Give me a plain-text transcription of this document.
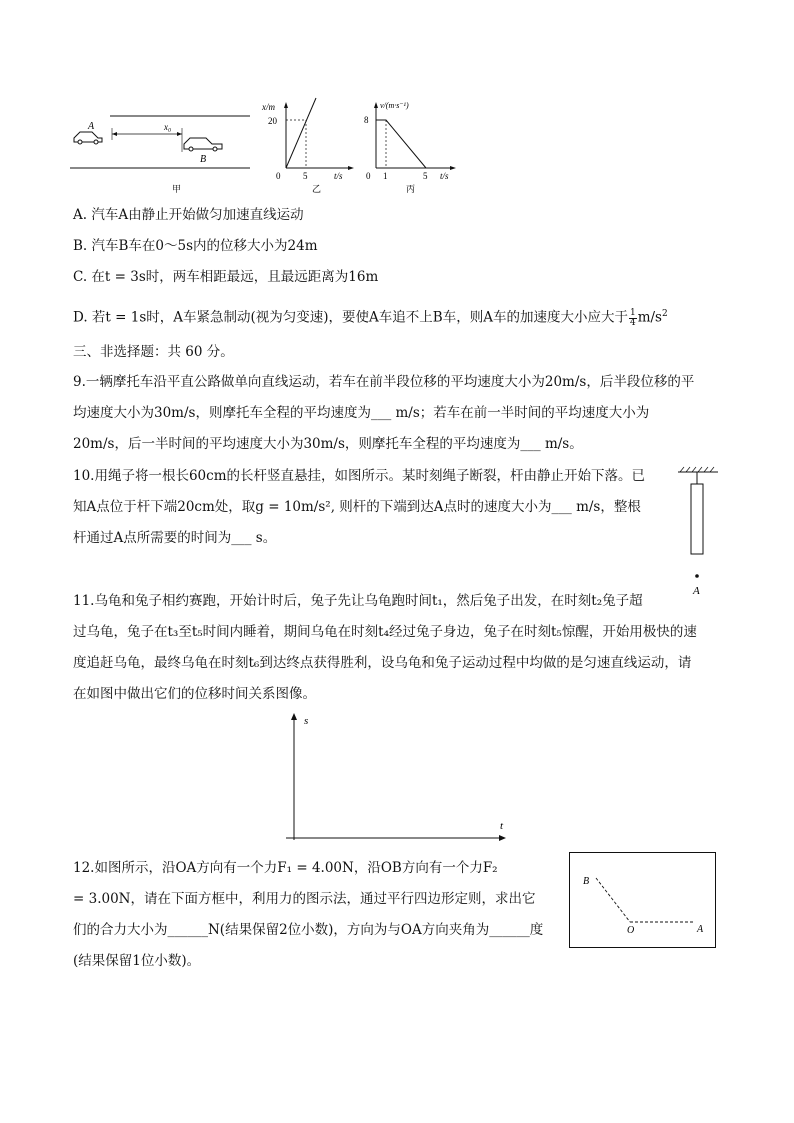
A	x₀
B
甲
x/m
20
0	5	t/s
乙
v/(m·s⁻¹)
8
0 1	5 t/s
丙
A. 汽车A由静止开始做匀加速直线运动
B. 汽车B车在0～5s内的位移大小为24m
C. 在t = 3s时，两车相距最远，且最远距离为16m
D. 若t = 1s时，A车紧急制动(视为匀变速)，要使A车追不上B车，则A车的加速度大小应大于 $\frac{1}{4} m/s^2$
三、非选择题：共 60 分。
9.一辆摩托车沿平直公路做单向直线运动，若车在前半段位移的平均速度大小为20m/s，后半段位移的平
均速度大小为30m/s，则摩托车全程的平均速度为___ m/s；若车在前一半时间的平均速度大小为
20m/s，后一半时间的平均速度大小为30m/s，则摩托车全程的平均速度为___ m/s。
10.用绳子将一根长60cm的长杆竖直悬挂，如图所示。某时刻绳子断裂，杆由静止开始下落。已
知A点位于杆下端20cm处，取g = 10m/s², 则杆的下端到达A点时的速度大小为___ m/s，整根
杆通过A点所需要的时间为___ s。
A
11.乌龟和兔子相约赛跑，开始计时后，兔子先让乌龟跑时间t₁，然后兔子出发，在时刻t₂兔子超
过乌龟，兔子在t₃至t₅时间内睡着，期间乌龟在时刻t₄经过兔子身边，兔子在时刻t₅惊醒，开始用极快的速
度追赶乌龟，最终乌龟在时刻t₆到达终点获得胜利，设乌龟和兔子运动过程中均做的是匀速直线运动，请
在如图中做出它们的位移时间关系图像。
s
t
12.如图所示，沿OA方向有一个力F₁ = 4.00N，沿OB方向有一个力F₂
= 3.00N，请在下面方框中，利用力的图示法，通过平行四边形定则，求出它
们的合力大小为______N(结果保留2位小数)，方向为与OA方向夹角为______度
(结果保留1位小数)。
B
O	A
